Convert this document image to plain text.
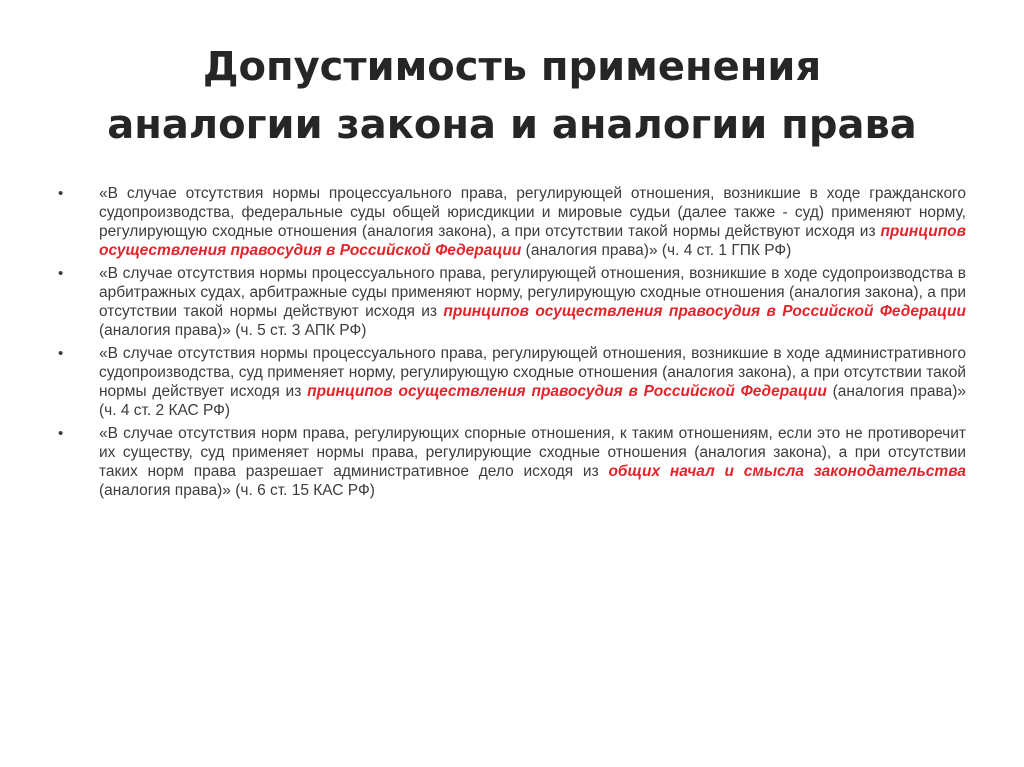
Допустимость применения
аналогии закона и аналогии права
• «В случае отсутствия нормы процессуального права, регулирующей отношения, возникшие в ходе гражданского судопроизводства, федеральные суды общей юрисдикции и мировые судьи (далее также - суд) применяют норму, регулирующую сходные отношения (аналогия закона), а при отсутствии такой нормы действуют исходя из принципов осуществления правосудия в Российской Федерации (аналогия права)» (ч. 4 ст. 1 ГПК РФ)
• «В случае отсутствия нормы процессуального права, регулирующей отношения, возникшие в ходе судопроизводства в арбитражных судах, арбитражные суды применяют норму, регулирующую сходные отношения (аналогия закона), а при отсутствии такой нормы действуют исходя из принципов осуществления правосудия в Российской Федерации (аналогия права)» (ч. 5 ст. 3 АПК РФ)
• «В случае отсутствия нормы процессуального права, регулирующей отношения, возникшие в ходе административного судопроизводства, суд применяет норму, регулирующую сходные отношения (аналогия закона), а при отсутствии такой нормы действует исходя из принципов осуществления правосудия в Российской Федерации (аналогия права)» (ч. 4 ст. 2 КАС РФ)
• «В случае отсутствия норм права, регулирующих спорные отношения, к таким отношениям, если это не противоречит их существу, суд применяет нормы права, регулирующие сходные отношения (аналогия закона), а при отсутствии таких норм права разрешает административное дело исходя из общих начал и смысла законодательства (аналогия права)» (ч. 6 ст. 15 КАС РФ)
